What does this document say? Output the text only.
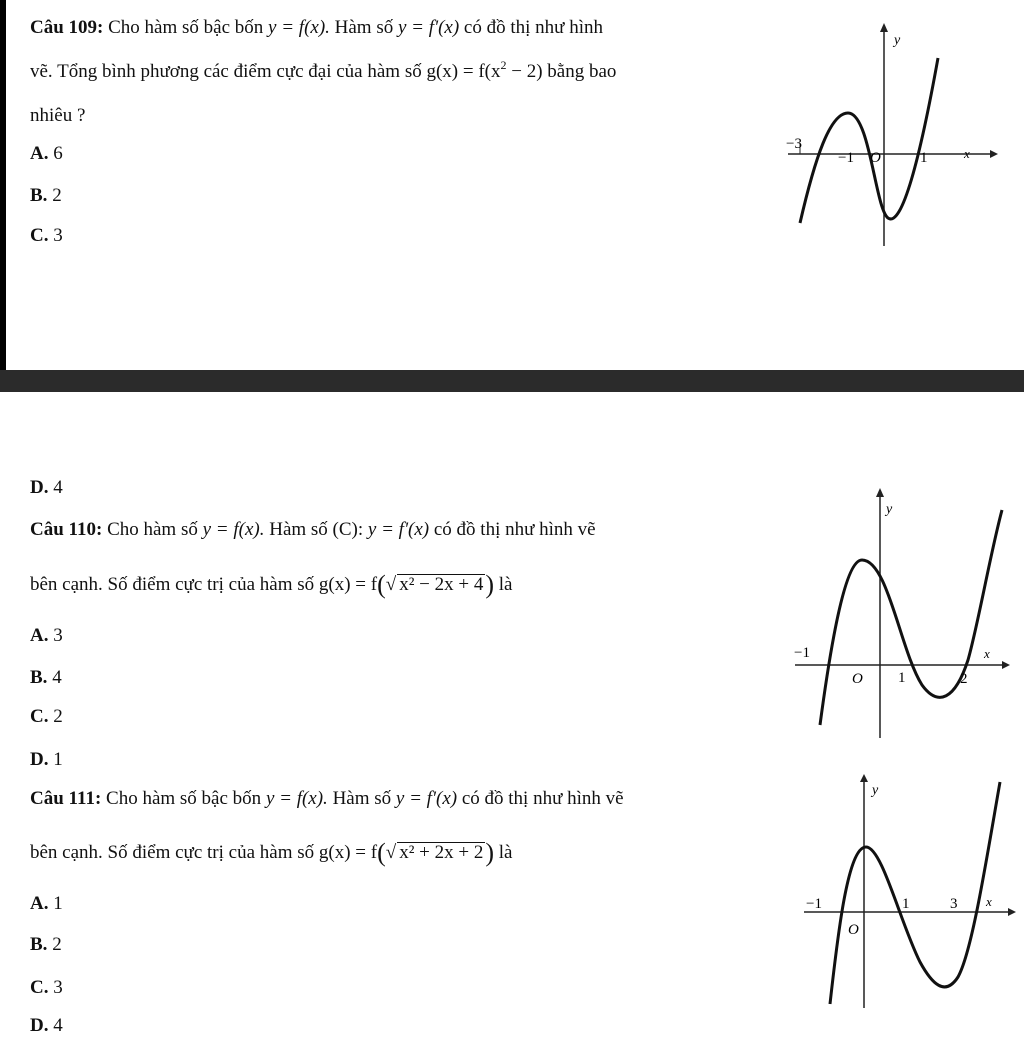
Câu 109: Cho hàm số bậc bốn y = f(x). Hàm số y = f'(x) có đồ thị như hình
vẽ. Tổng bình phương các điểm cực đại của hàm số $g(x) = f(x^2 - 2)$ bằng bao
nhiêu ?
A. 6
B. 2
C. 3
y
x
O
−3
−1	1
D. 4
Câu 110: Cho hàm số y = f(x). Hàm số (C): y = f'(x) có đồ thị như hình vẽ
bên cạnh. Số điểm cực trị của hàm số g(x) = f(√ x² − 2x + 4) là
A. 3
B. 4
C. 2
D. 1
y
x
O
−1
1	2
Câu 111: Cho hàm số bậc bốn y = f(x). Hàm số y = f'(x) có đồ thị như hình vẽ
bên cạnh. Số điểm cực trị của hàm số g(x) = f(√ x² + 2x + 2) là
A. 1
B. 2
C. 3
D. 4
y
x
O
−1	1	3
